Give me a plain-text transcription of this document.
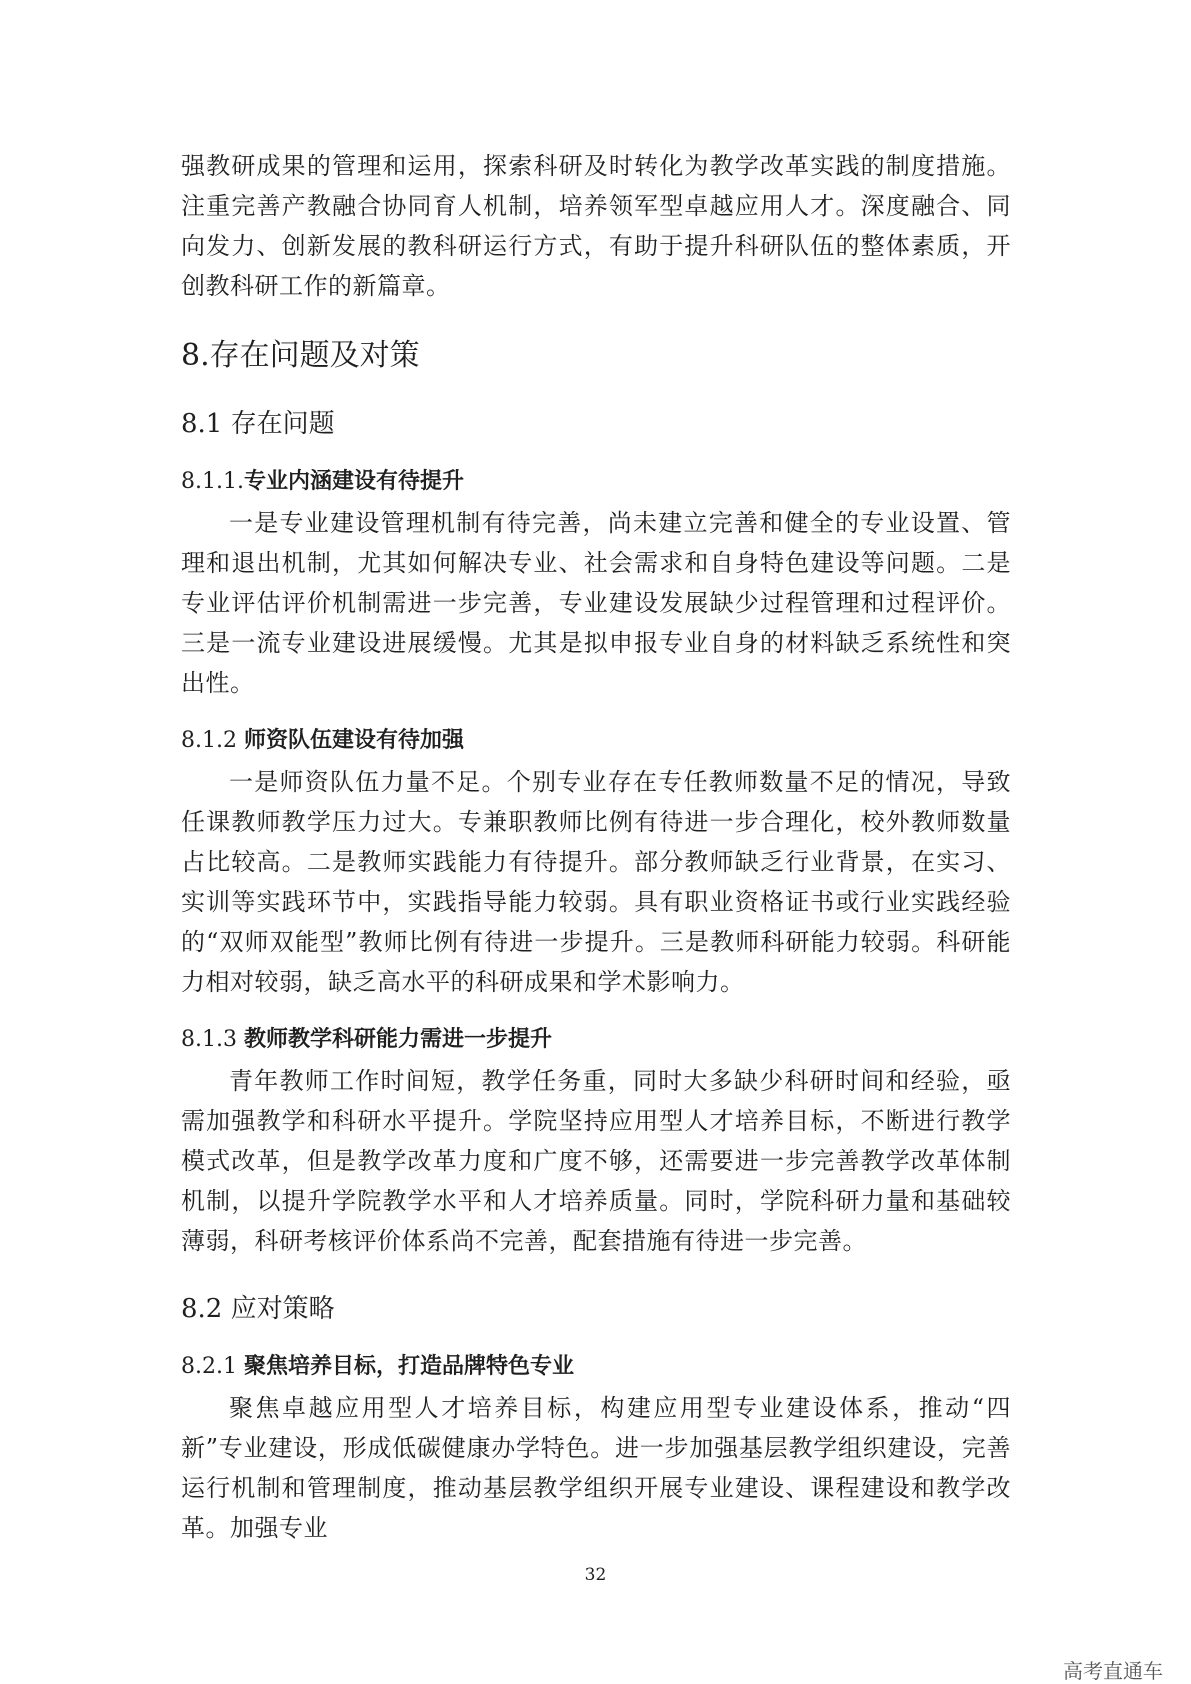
强教研成果的管理和运用，探索科研及时转化为教学改革实践的制度措施。注重完善产教融合协同育人机制，培养领军型卓越应用人才。深度融合、同向发力、创新发展的教科研运行方式，有助于提升科研队伍的整体素质，开创教科研工作的新篇章。

8.存在问题及对策
8.1 存在问题
8.1.1.专业内涵建设有待提升

一是专业建设管理机制有待完善，尚未建立完善和健全的专业设置、管理和退出机制，尤其如何解决专业、社会需求和自身特色建设等问题。二是专业评估评价机制需进一步完善，专业建设发展缺少过程管理和过程评价。三是一流专业建设进展缓慢。尤其是拟申报专业自身的材料缺乏系统性和突出性。

8.1.2 师资队伍建设有待加强

一是师资队伍力量不足。个别专业存在专任教师数量不足的情况，导致任课教师教学压力过大。专兼职教师比例有待进一步合理化，校外教师数量占比较高。二是教师实践能力有待提升。部分教师缺乏行业背景，在实习、实训等实践环节中，实践指导能力较弱。具有职业资格证书或行业实践经验的“双师双能型”教师比例有待进一步提升。三是教师科研能力较弱。科研能力相对较弱，缺乏高水平的科研成果和学术影响力。

8.1.3 教师教学科研能力需进一步提升

青年教师工作时间短，教学任务重，同时大多缺少科研时间和经验，亟需加强教学和科研水平提升。学院坚持应用型人才培养目标，不断进行教学模式改革，但是教学改革力度和广度不够，还需要进一步完善教学改革体制机制，以提升学院教学水平和人才培养质量。同时，学院科研力量和基础较薄弱，科研考核评价体系尚不完善，配套措施有待进一步完善。

8.2 应对策略
8.2.1 聚焦培养目标，打造品牌特色专业

聚焦卓越应用型人才培养目标，构建应用型专业建设体系，推动“四新”专业建设，形成低碳健康办学特色。进一步加强基层教学组织建设，完善运行机制和管理制度，推动基层教学组织开展专业建设、课程建设和教学改革。加强专业

32
高考直通车
